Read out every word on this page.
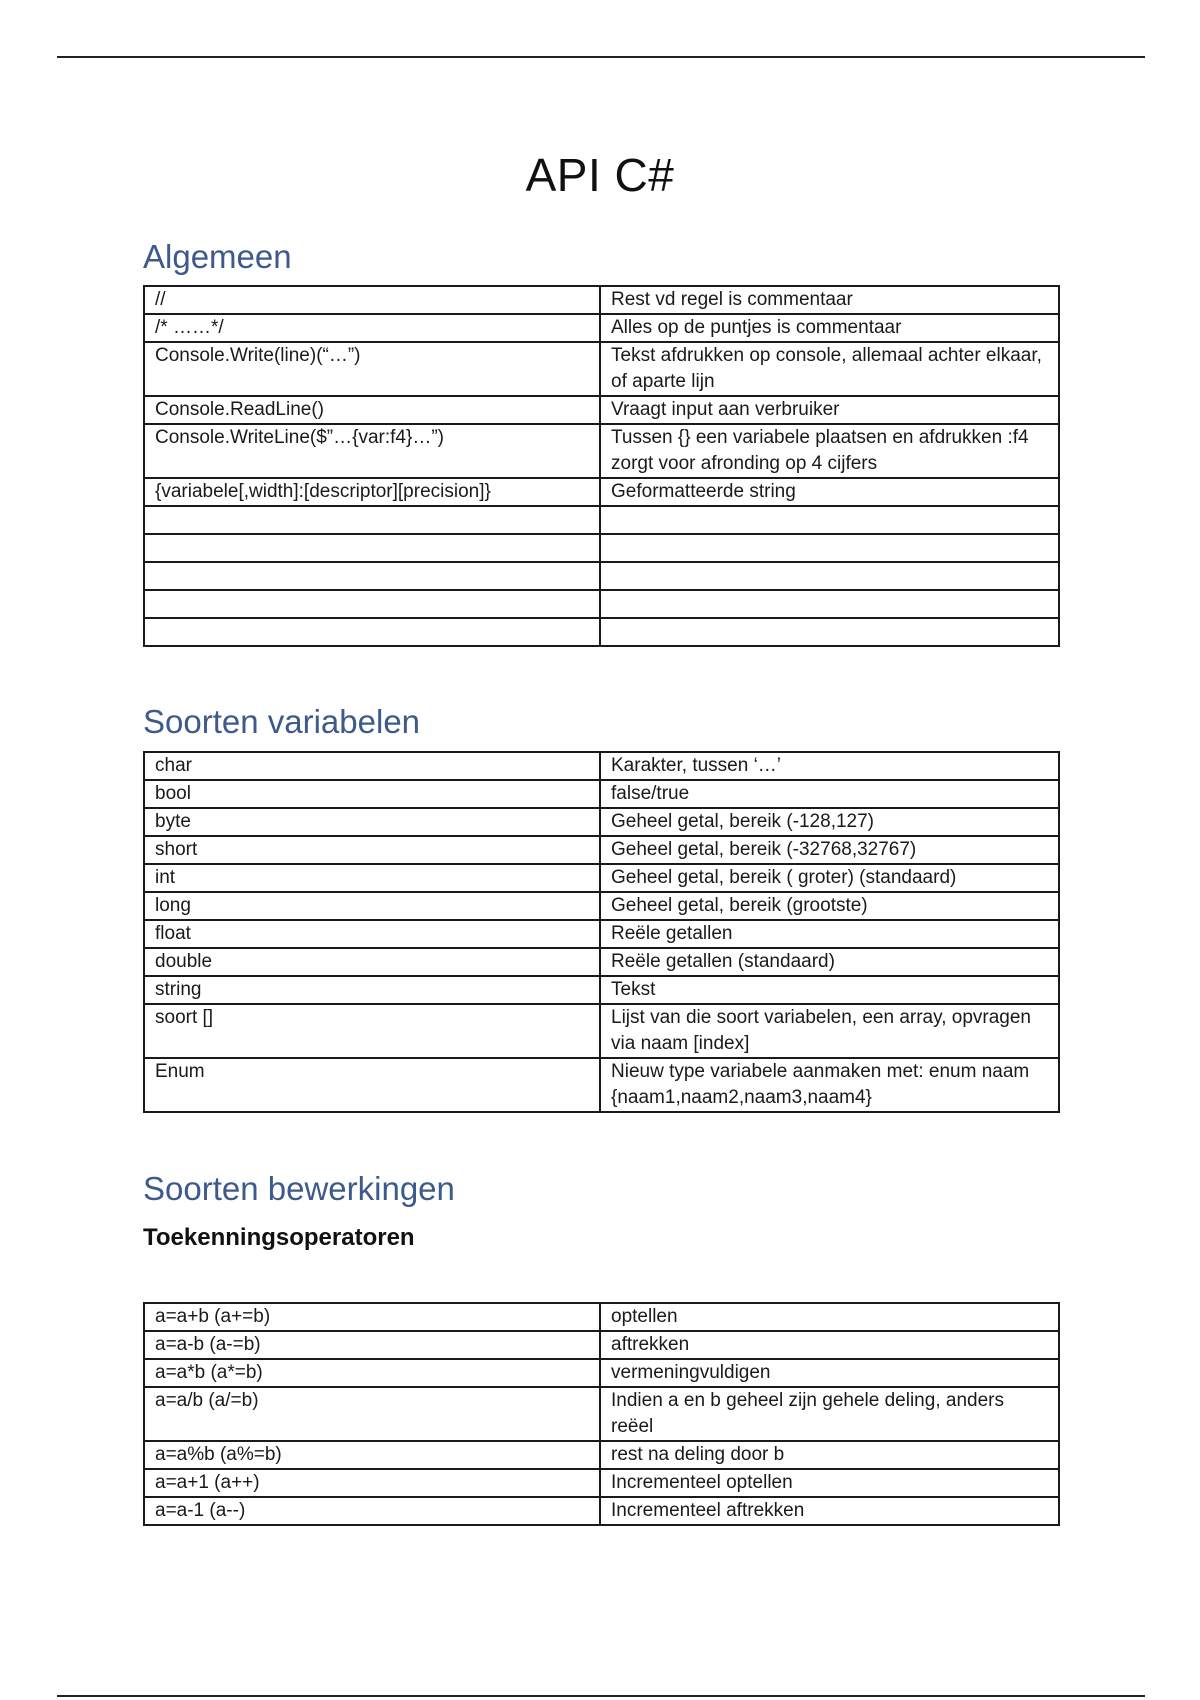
API C#
Algemeen
//	Rest vd regel is commentaar
/* ……*/	Alles op de puntjes is commentaar
Console.Write(line)(“…”)	Tekst afdrukken op console, allemaal achter elkaar, of aparte lijn
Console.ReadLine()	Vraagt input aan verbruiker
Console.WriteLine($”…{var:f4}…”)	Tussen {} een variabele plaatsen en afdrukken :f4 zorgt voor afronding op 4 cijfers
{variabele[,width]:[descriptor][precision]}	Geformatteerde string

Soorten variabelen
char	Karakter, tussen ‘…’
bool	false/true
byte	Geheel getal, bereik (-128,127)
short	Geheel getal, bereik (-32768,32767)
int	Geheel getal, bereik ( groter) (standaard)
long	Geheel getal, bereik (grootste)
float	Reële getallen
double	Reële getallen (standaard)
string	Tekst
soort []	Lijst van die soort variabelen, een array, opvragen via naam [index]
Enum	Nieuw type variabele aanmaken met: enum naam {naam1,naam2,naam3,naam4}
Soorten bewerkingen
Toekenningsoperatoren
a=a+b (a+=b)	optellen
a=a-b (a-=b)	aftrekken
a=a*b (a*=b)	vermeningvuldigen
a=a/b (a/=b)	Indien a en b geheel zijn gehele deling, anders reëel
a=a%b (a%=b)	rest na deling door b
a=a+1 (a++)	Incrementeel optellen
a=a-1 (a--)	Incrementeel aftrekken
